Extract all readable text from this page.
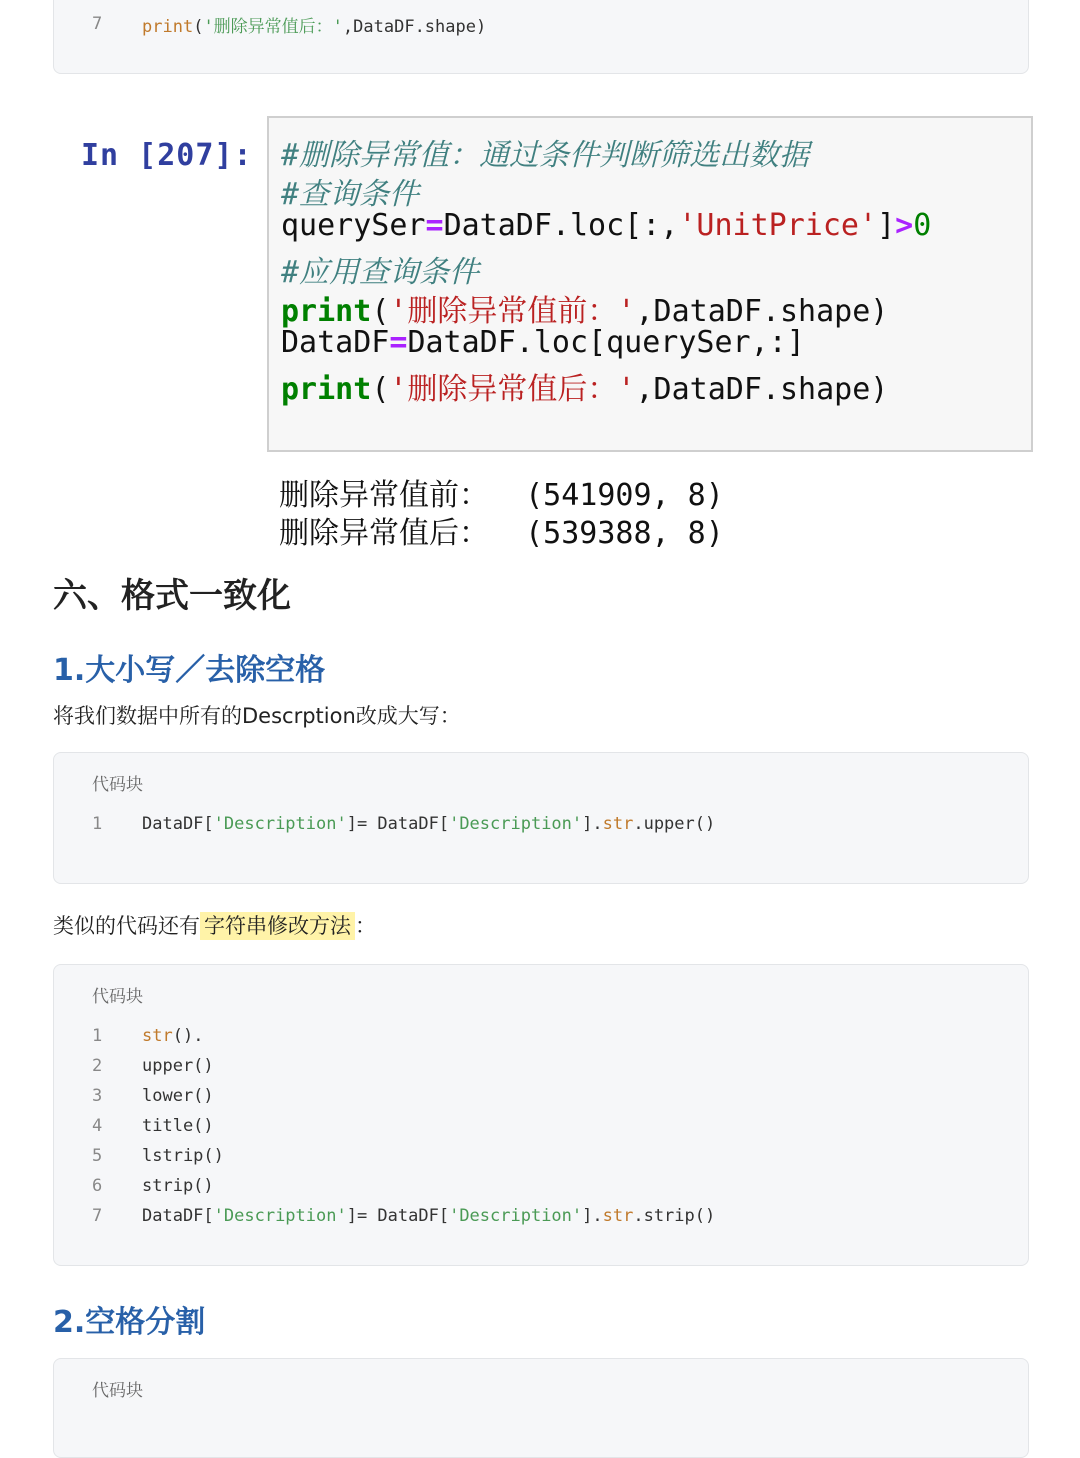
7	print('删除异常值后：',DataDF.shape)
In [207]: #删除异常值：通过条件判断筛选出数据
#查询条件
querySer=DataDF.loc[:,'UnitPrice']>0
#应用查询条件
print('删除异常值前：',DataDF.shape)
DataDF=DataDF.loc[querySer,:]
print('删除异常值后：',DataDF.shape)
删除异常值前：  (541909, 8)
删除异常值后：  (539388, 8)
六、格式一致化
1.大小写／去除空格
将我们数据中所有的Descrption改成大写：
代码块
1	DataDF['Description']= DataDF['Description'].str.upper()
类似的代码还有 字符串修改方法 ：
代码块
1	str().
2	upper()
3	lower()
4	title()
5	lstrip()
6	strip()
7	DataDF['Description']= DataDF['Description'].str.strip()
2.空格分割
代码块
